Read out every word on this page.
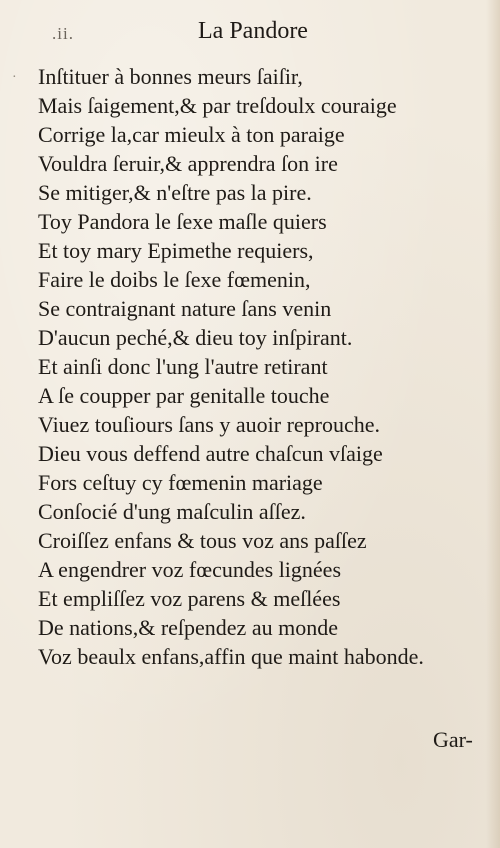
·
.ii.	La Pandore
Inſtituer à bonnes meurs ſaiſir,
Mais ſaigement,& par treſdoulx couraige
Corrige la,car mieulx à ton paraige
Vouldra ſeruir,& apprendra ſon ire
Se mitiger,& n'eſtre pas la pire.
Toy Pandora le ſexe maſle quiers
Et toy mary Epimethe requiers,
Faire le doibs le ſexe fœmenin,
Se contraignant nature ſans venin
D'aucun peché,& dieu toy inſpirant.
Et ainſi donc l'ung l'autre retirant
A ſe coupper par genitalle touche
Viuez touſiours ſans y auoir reprouche.
Dieu vous deffend autre chaſcun vſaige
Fors ceſtuy cy fœmenin mariage
Conſocié d'ung maſculin aſſez.
Croiſſez enfans & tous voz ans paſſez
A engendrer voz fœcundes lignées
Et empliſſez voz parens & meſlées
De nations,& reſpendez au monde
Voz beaulx enfans,affin que maint habonde.
Gar-
